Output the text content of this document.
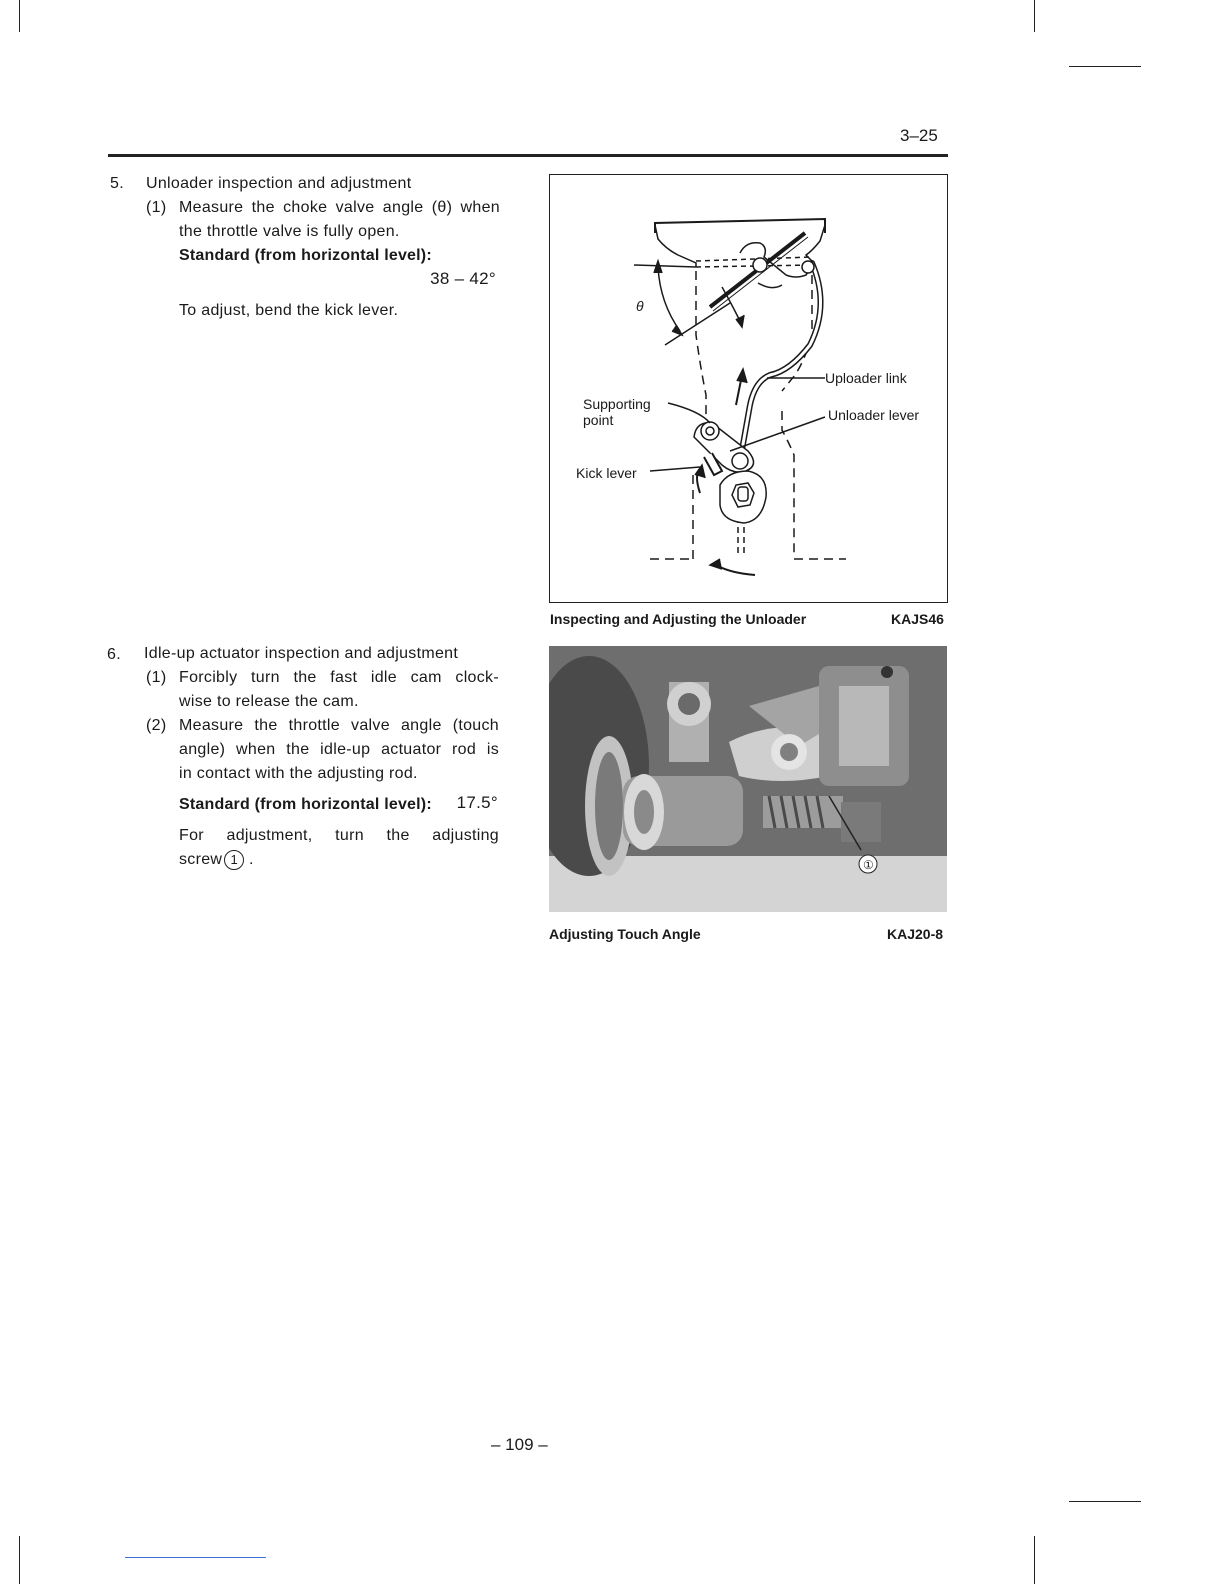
3–25
5. Unloader inspection and adjustment
(1) Measure the choke valve angle (θ) when
the throttle valve is fully open.
Standard (from horizontal level):
38 – 42°
To adjust, bend the kick lever.	θ
Uploader link
Unloader lever
Supporting
point
Kick lever
Inspecting and Adjusting the Unloader	KAJS46
6. Idle-up actuator inspection and adjustment
(1) Forcibly turn the fast idle cam clock-
wise to release the cam.
(2) Measure the throttle valve angle (touch
angle) when the idle-up actuator rod is
in contact with the adjusting rod.
Standard (from horizontal level):	17.5°
For adjustment, turn the adjusting
screw 1 .	①
Adjusting Touch Angle	KAJ20-8
– 109 –
